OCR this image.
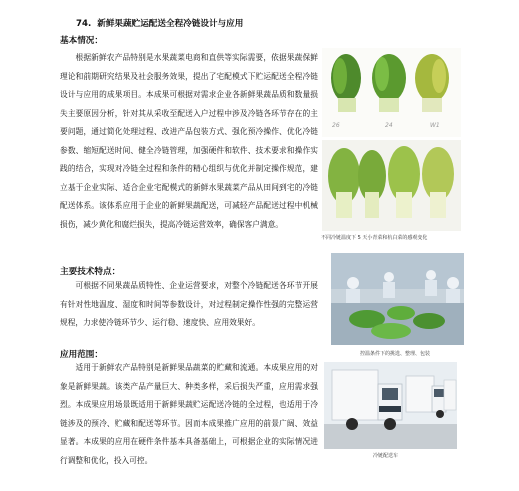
74. 新鲜果蔬贮运配送全程冷链设计与应用
基本情况：

根据新鲜农产品特别是水果蔬菜电商和直供等实际需要，依据果蔬保鲜理论和前期研究结果及社会服务效果，提出了宅配模式下贮运配送全程冷链设计与应用的成果项目。本成果可根据对需求企业各新鲜果蔬品质和数量损失主要原因分析，针对其从采收至配送入户过程中涉及冷链各环节存在的主要问题，通过简化处理过程、改进产品包装方式、强化预冷操作、优化冷链参数、缩短配送时间、健全冷链管理，加强硬件和软件、技术要求和操作实践的结合，实现对冷链全过程和条件的精心组织与优化并制定操作规范，建立基于企业实际、适合企业宅配模式的新鲜水果蔬菜产品从田间到宅的冷链配送体系。该体系应用于企业的新鲜果蔬配送，可减轻产品配送过程中机械损伤，减少黄化和腐烂损失，提高冷链运营效率，确保客户满意。

主要技术特点：

可根据不同果蔬品质特性、企业运营要求，对整个冷链配送各环节开展有针对性地温度、湿度和时间等参数设计，对过程制定操作性强的完整运营规程，力求使冷链环节少、运行稳、速度快、应用效果好。

应用范围：

适用于新鲜农产品特别是新鲜果品蔬菜的贮藏和流通。本成果应用的对象是新鲜果蔬。该类产品产量巨大、种类多样，采后损失严重，应用需求强烈。本成果应用场景既适用于新鲜果蔬贮运配送冷链的全过程，也适用于冷链涉及的预冷、贮藏和配送等环节。因而本成果推广应用的前景广阔、效益显著。本成果的应用在硬件条件基本具备基础上，可根据企业的实际情况进行调整和优化，投入可控。

26	24	W1
不同冷链温度下 5 天小青菜和杭白菜的感观变化
控温条件下的挑选、整理、包装
冷链配送车
